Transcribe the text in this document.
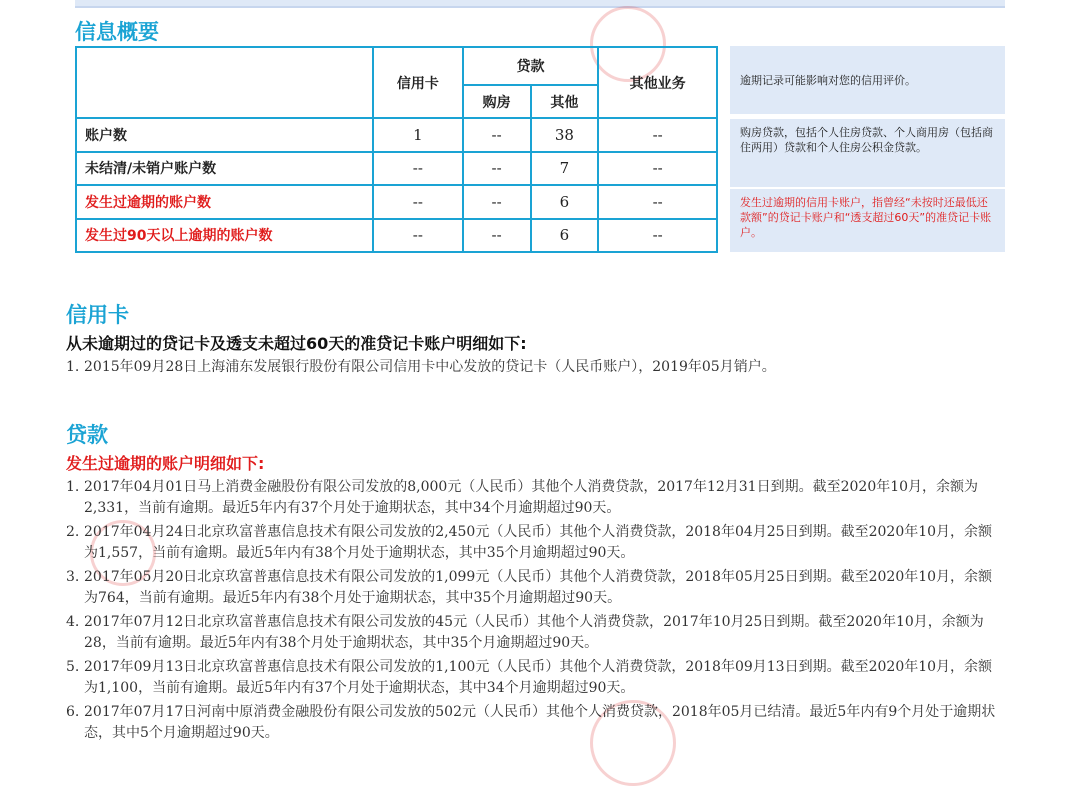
信息概要
	信用卡	贷款		其他业务
		购房	其他	
账户数	1	--	38	--
未结清/未销户账户数	--	--	7	--
发生过逾期的账户数	--	--	6	--
发生过90天以上逾期的账户数	--	--	6	--
逾期记录可能影响对您的信用评价。
购房贷款，包括个人住房贷款、个人商用房（包括商住两用）贷款和个人住房公积金贷款。
发生过逾期的信用卡账户，指曾经“未按时还最低还款额”的贷记卡账户和“透支超过60天”的准贷记卡账户。
信用卡
从未逾期过的贷记卡及透支未超过60天的准贷记卡账户明细如下:
1. 2015年09月28日上海浦东发展银行股份有限公司信用卡中心发放的贷记卡（人民币账户），2019年05月销户。
贷款
发生过逾期的账户明细如下:
1. 2017年04月01日马上消费金融股份有限公司发放的8,000元（人民币）其他个人消费贷款，2017年12月31日到期。截至2020年10月，余额为2,331，当前有逾期。最近5年内有37个月处于逾期状态，其中34个月逾期超过90天。
2. 2017年04月24日北京玖富普惠信息技术有限公司发放的2,450元（人民币）其他个人消费贷款，2018年04月25日到期。截至2020年10月，余额为1,557，当前有逾期。最近5年内有38个月处于逾期状态，其中35个月逾期超过90天。
3. 2017年05月20日北京玖富普惠信息技术有限公司发放的1,099元（人民币）其他个人消费贷款，2018年05月25日到期。截至2020年10月，余额为764，当前有逾期。最近5年内有38个月处于逾期状态，其中35个月逾期超过90天。
4. 2017年07月12日北京玖富普惠信息技术有限公司发放的45元（人民币）其他个人消费贷款，2017年10月25日到期。截至2020年10月，余额为28，当前有逾期。最近5年内有38个月处于逾期状态，其中35个月逾期超过90天。
5. 2017年09月13日北京玖富普惠信息技术有限公司发放的1,100元（人民币）其他个人消费贷款，2018年09月13日到期。截至2020年10月，余额为1,100，当前有逾期。最近5年内有37个月处于逾期状态，其中34个月逾期超过90天。
6. 2017年07月17日河南中原消费金融股份有限公司发放的502元（人民币）其他个人消费贷款，2018年05月已结清。最近5年内有9个月处于逾期状态，其中5个月逾期超过90天。
